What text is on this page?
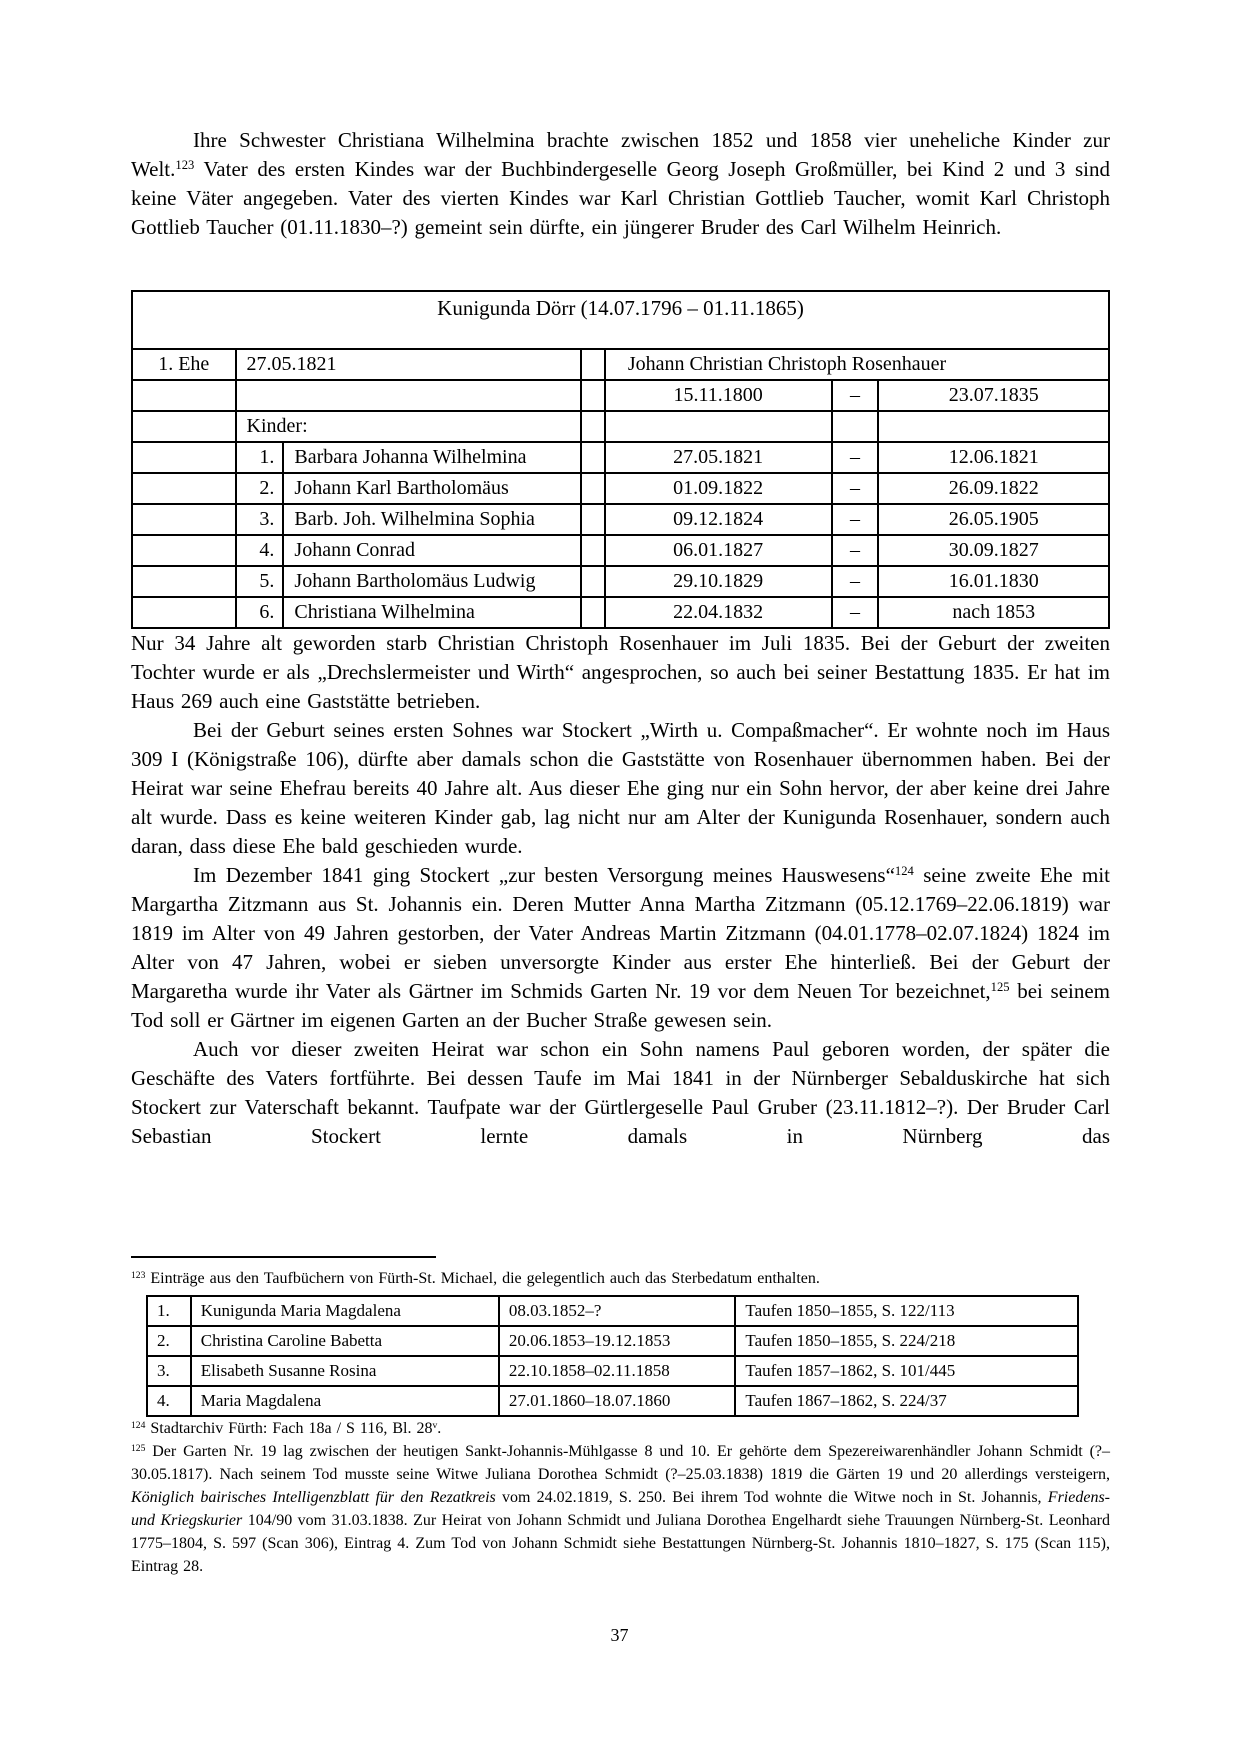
Ihre Schwester Christiana Wilhelmina brachte zwischen 1852 und 1858 vier uneheliche Kinder zur Welt.$^{123}$ Vater des ersten Kindes war der Buchbindergeselle Georg Joseph Großmüller, bei Kind 2 und 3 sind keine Väter angegeben. Vater des vierten Kindes war Karl Christian Gottlieb Taucher, womit Karl Christoph Gottlieb Taucher (01.11.1830–?) gemeint sein dürfte, ein jüngerer Bruder des Carl Wilhelm Heinrich.

Kunigunda Dörr (14.07.1796 – 01.11.1865)						
1. Ehe	27.05.1821			Johann Christian Christoph Rosenhauer		
				15.11.1800	–	23.07.1835
	Kinder:					
	1.	Barbara Johanna Wilhelmina		27.05.1821	–	12.06.1821
	2.	Johann Karl Bartholomäus		01.09.1822	–	26.09.1822
	3.	Barb. Joh. Wilhelmina Sophia		09.12.1824	–	26.05.1905
	4.	Johann Conrad		06.01.1827	–	30.09.1827
	5.	Johann Bartholomäus Ludwig		29.10.1829	–	16.01.1830
	6.	Christiana Wilhelmina		22.04.1832	–	nach 1853

Nur 34 Jahre alt geworden starb Christian Christoph Rosenhauer im Juli 1835. Bei der Geburt der zweiten Tochter wurde er als „Drechslermeister und Wirth“ angesprochen, so auch bei seiner Bestattung 1835. Er hat im Haus 269 auch eine Gaststätte betrieben.

Bei der Geburt seines ersten Sohnes war Stockert „Wirth u. Compaßmacher“. Er wohnte noch im Haus 309 I (Königstraße 106), dürfte aber damals schon die Gaststätte von Rosenhauer übernommen haben. Bei der Heirat war seine Ehefrau bereits 40 Jahre alt. Aus dieser Ehe ging nur ein Sohn hervor, der aber keine drei Jahre alt wurde. Dass es keine weiteren Kinder gab, lag nicht nur am Alter der Kunigunda Rosenhauer, sondern auch daran, dass diese Ehe bald geschieden wurde.

Im Dezember 1841 ging Stockert „zur besten Versorgung meines Hauswesens“$^{124}$ seine zweite Ehe mit Margartha Zitzmann aus St. Johannis ein. Deren Mutter Anna Martha Zitzmann (05.12.1769–22.06.1819) war 1819 im Alter von 49 Jahren gestorben, der Vater Andreas Martin Zitzmann (04.01.1778–02.07.1824) 1824 im Alter von 47 Jahren, wobei er sieben unversorgte Kinder aus erster Ehe hinterließ. Bei der Geburt der Margaretha wurde ihr Vater als Gärtner im Schmids Garten Nr. 19 vor dem Neuen Tor bezeichnet,$^{125}$ bei seinem Tod soll er Gärtner im eigenen Garten an der Bucher Straße gewesen sein.

Auch vor dieser zweiten Heirat war schon ein Sohn namens Paul geboren worden, der später die Geschäfte des Vaters fortführte. Bei dessen Taufe im Mai 1841 in der Nürnberger Sebalduskirche hat sich Stockert zur Vaterschaft bekannt. Taufpate war der Gürtlergeselle Paul Gruber (23.11.1812–?). Der Bruder Carl Sebastian Stockert lernte damals in Nürnberg das

$^{123}$ Einträge aus den Taufbüchern von Fürth-St. Michael, die gelegentlich auch das Sterbedatum enthalten.

1.	Kunigunda Maria Magdalena	08.03.1852–?	Taufen 1850–1855, S. 122/113
2.	Christina Caroline Babetta	20.06.1853–19.12.1853	Taufen 1850–1855, S. 224/218
3.	Elisabeth Susanne Rosina	22.10.1858–02.11.1858	Taufen 1857–1862, S. 101/445
4.	Maria Magdalena	27.01.1860–18.07.1860	Taufen 1867–1862, S. 224/37

$^{124}$ Stadtarchiv Fürth: Fach 18a / S 116, Bl. 28$^v$.

$^{125}$ Der Garten Nr. 19 lag zwischen der heutigen Sankt-Johannis-Mühlgasse 8 und 10. Er gehörte dem Spezereiwarenhändler Johann Schmidt (?–30.05.1817). Nach seinem Tod musste seine Witwe Juliana Dorothea Schmidt (?–25.03.1838) 1819 die Gärten 19 und 20 allerdings versteigern, Königlich bairisches Intelligenzblatt für den Rezatkreis vom 24.02.1819, S. 250. Bei ihrem Tod wohnte die Witwe noch in St. Johannis, Friedens- und Kriegskurier 104/90 vom 31.03.1838. Zur Heirat von Johann Schmidt und Juliana Dorothea Engelhardt siehe Trauungen Nürnberg-St. Leonhard 1775–1804, S. 597 (Scan 306), Eintrag 4. Zum Tod von Johann Schmidt siehe Bestattungen Nürnberg-St. Johannis 1810–1827, S. 175 (Scan 115), Eintrag 28.

37
